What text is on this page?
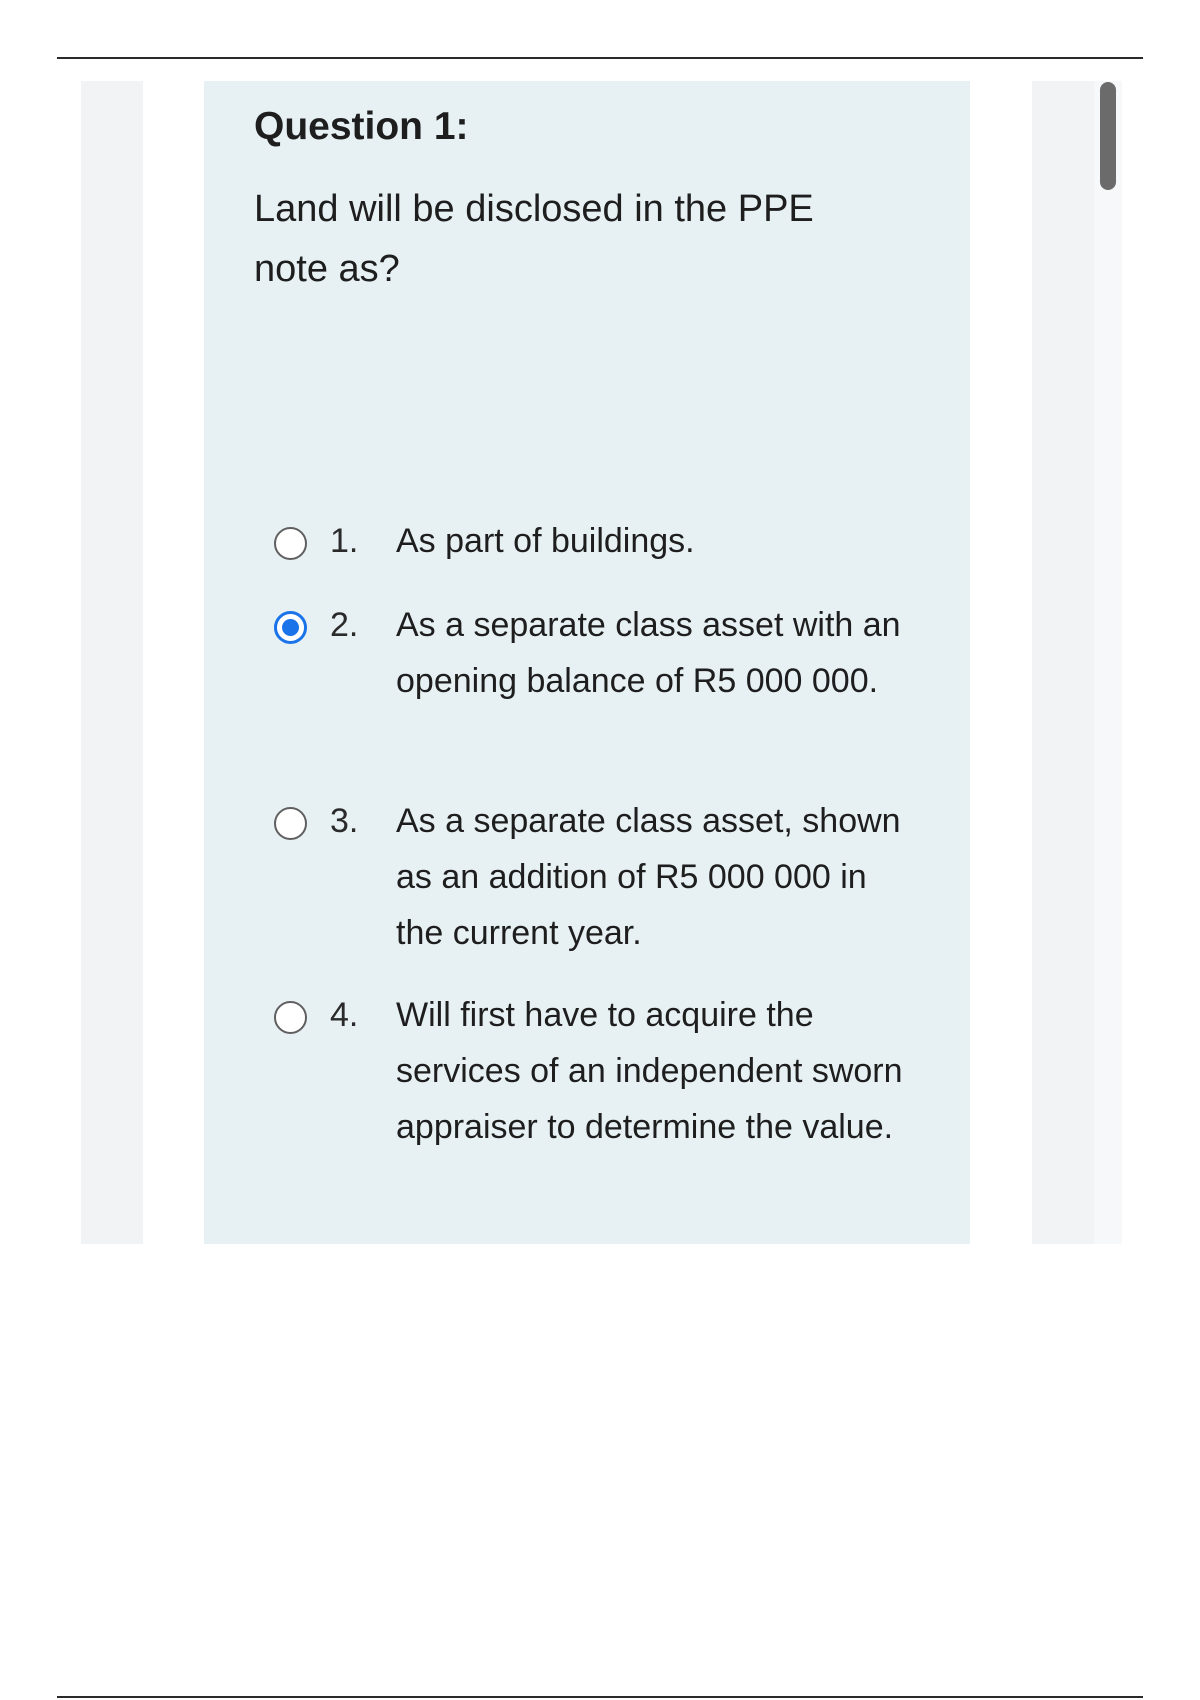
Question 1:

Land will be disclosed in the PPE note as?

1. As part of buildings.
2. As a separate class asset with an opening balance of R5 000 000.
3. As a separate class asset, shown as an addition of R5 000 000 in the current year.
4. Will first have to acquire the services of an independent sworn appraiser to determine the value.
